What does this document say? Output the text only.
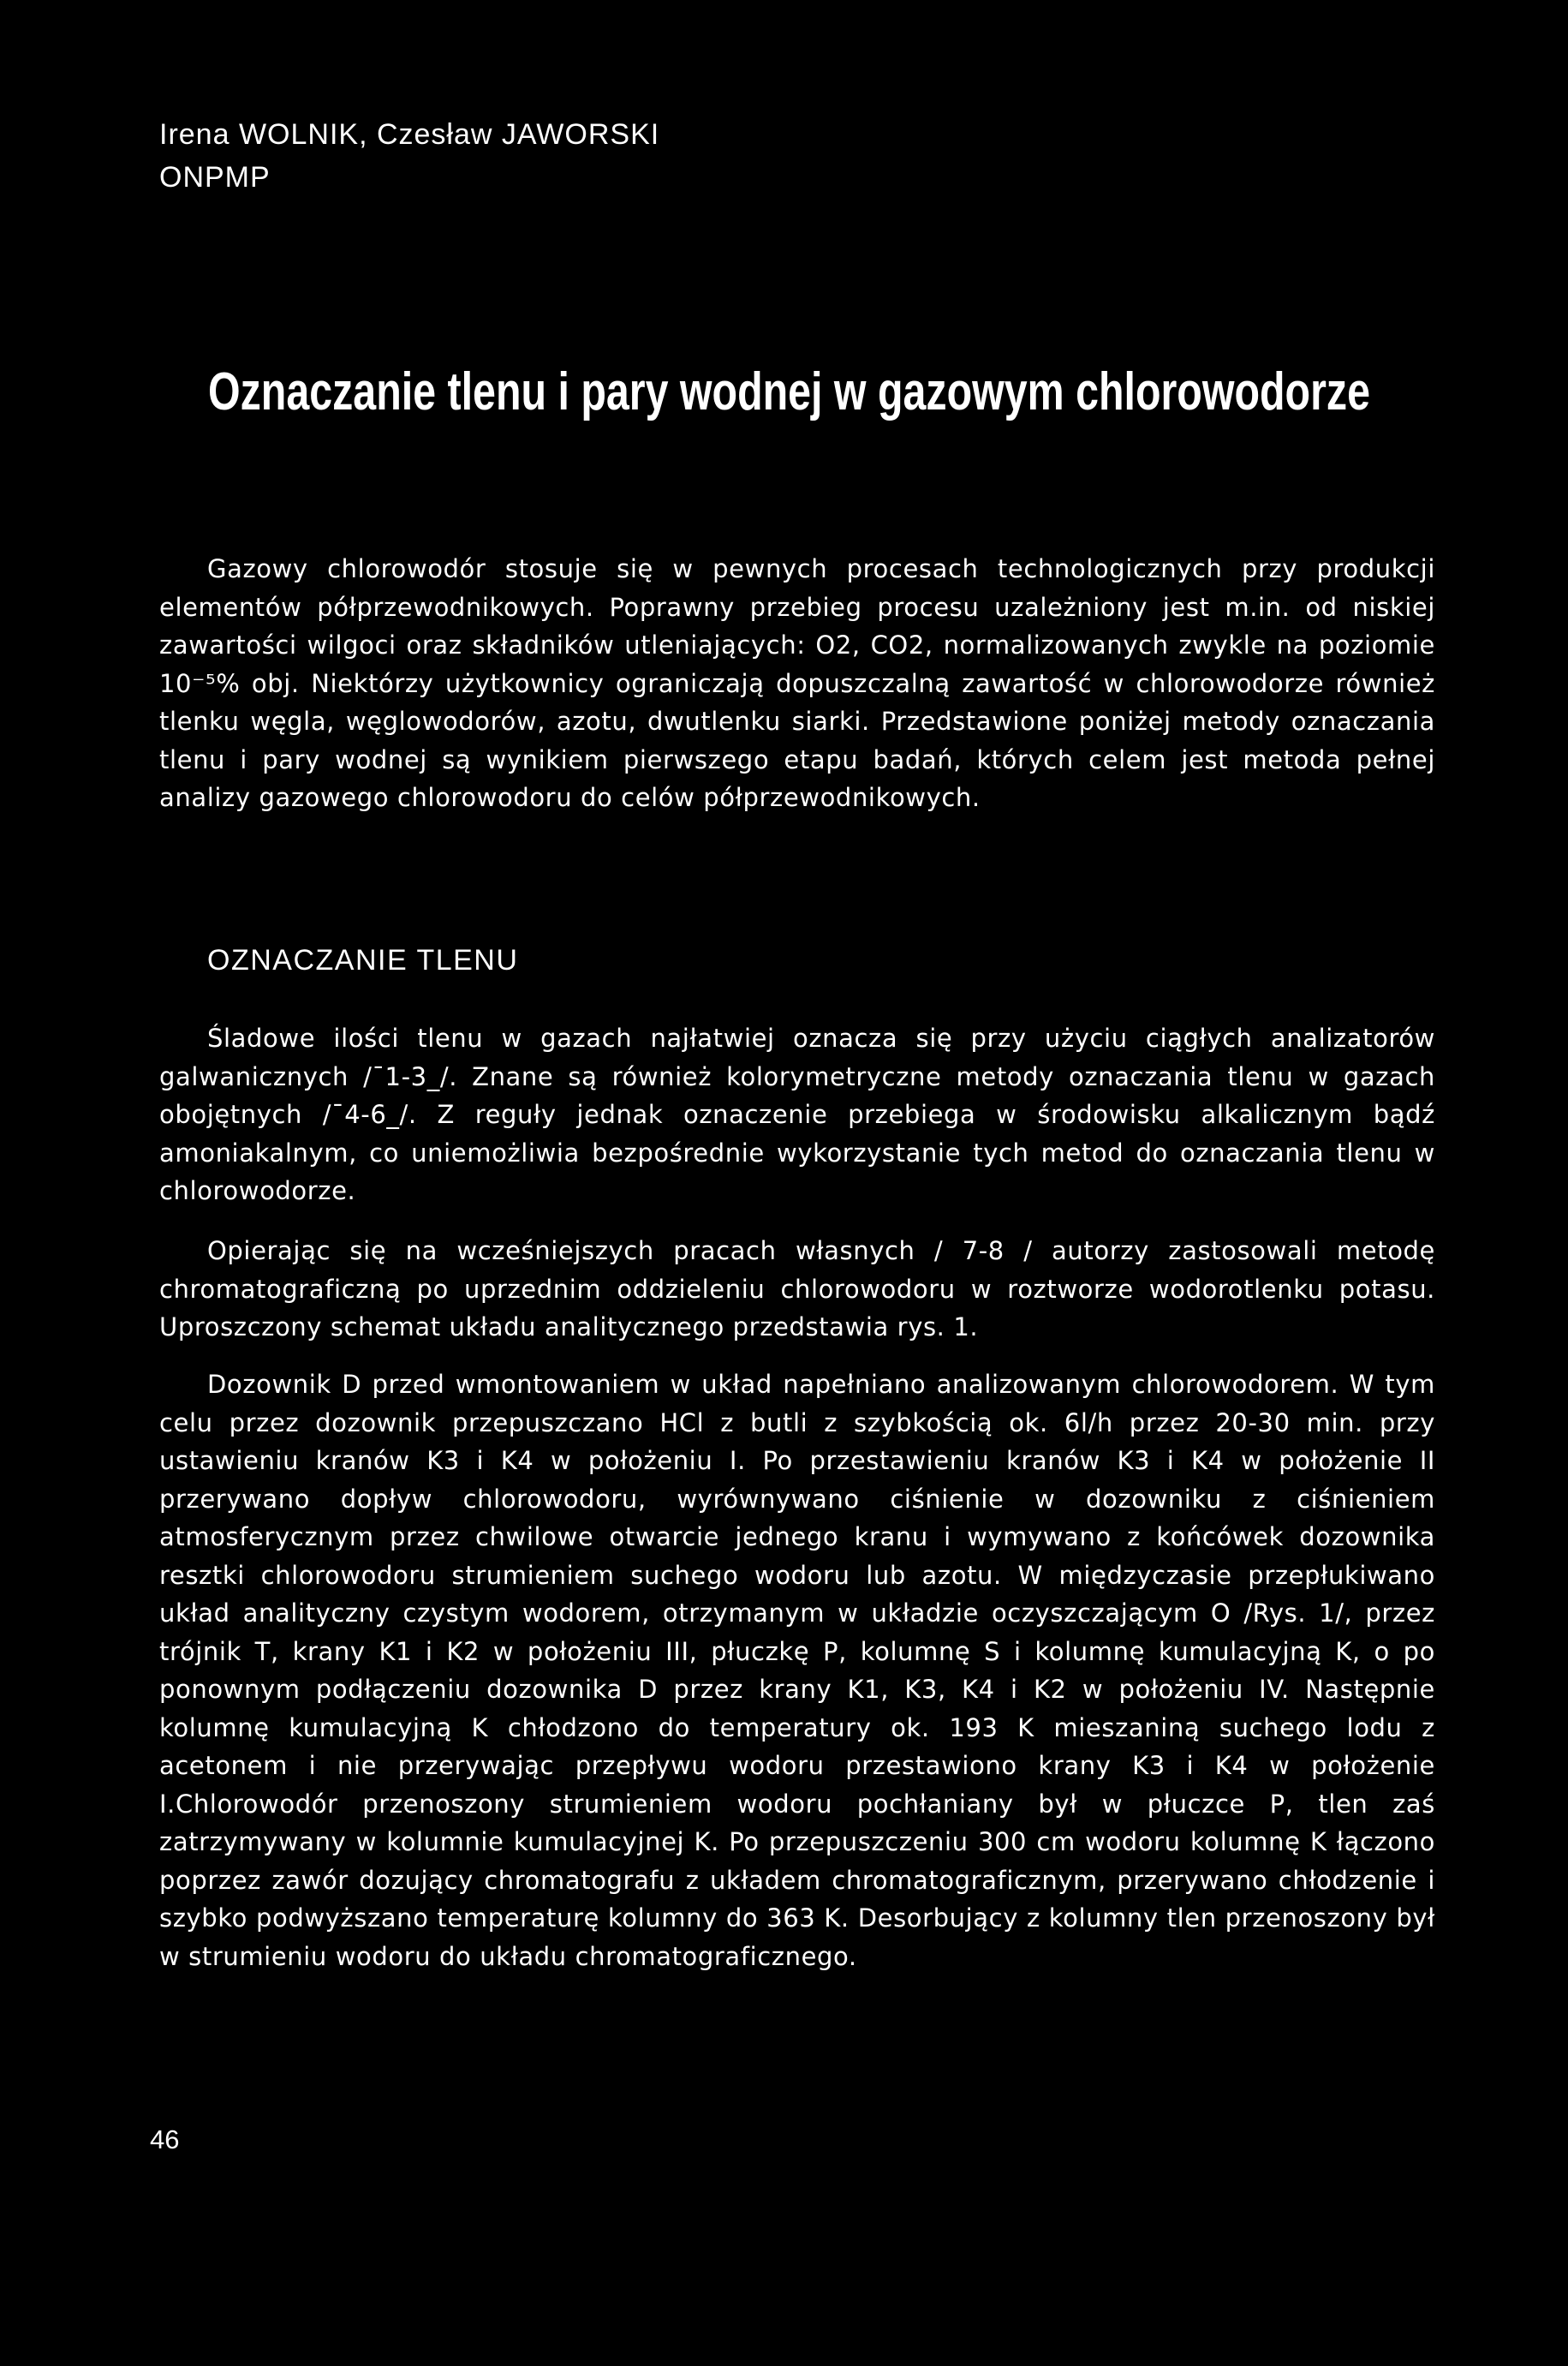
Irena WOLNIK, Czesław JAWORSKI
ONPMP
Oznaczanie tlenu i pary wodnej w gazowym chlorowodorze

Gazowy chlorowodór stosuje się w pewnych procesach technologicznych przy produkcji elementów półprzewodnikowych. Poprawny przebieg procesu uzależniony jest m.in. od niskiej zawartości wilgoci oraz składników utleniających: O2, CO2, normalizowanych zwykle na poziomie 10⁻⁵% obj. Niektórzy użytkownicy ograniczają dopuszczalną zawartość w chlorowodorze również tlenku węgla, węglowodorów, azotu, dwutlenku siarki. Przedstawione poniżej metody oznaczania tlenu i pary wodnej są wynikiem pierwszego etapu badań, których celem jest metoda pełnej analizy gazowego chlorowodoru do celów półprzewodnikowych.

OZNACZANIE TLENU

Śladowe ilości tlenu w gazach najłatwiej oznacza się przy użyciu ciągłych analizatorów galwanicznych /¯1-3_/. Znane są również kolorymetryczne metody oznaczania tlenu w gazach obojętnych /¯4-6_/. Z reguły jednak oznaczenie przebiega w środowisku alkalicznym bądź amoniakalnym, co uniemożliwia bezpośrednie wykorzystanie tych metod do oznaczania tlenu w chlorowodorze.

Opierając się na wcześniejszych pracach własnych / 7-8 / autorzy zastosowali metodę chromatograficzną po uprzednim oddzieleniu chlorowodoru w roztworze wodorotlenku potasu. Uproszczony schemat układu analitycznego przedstawia rys. 1.

Dozownik D przed wmontowaniem w układ napełniano analizowanym chlorowodorem. W tym celu przez dozownik przepuszczano HCl z butli z szybkością ok. 6l/h przez 20-30 min. przy ustawieniu kranów K3 i K4 w położeniu I. Po przestawieniu kranów K3 i K4 w położenie II przerywano dopływ chlorowodoru, wyrównywano ciśnienie w dozowniku z ciśnieniem atmosferycznym przez chwilowe otwarcie jednego kranu i wymywano z końcówek dozownika resztki chlorowodoru strumieniem suchego wodoru lub azotu. W międzyczasie przepłukiwano układ analityczny czystym wodorem, otrzymanym w układzie oczyszczającym O /Rys. 1/, przez trójnik T, krany K1 i K2 w położeniu III, płuczkę P, kolumnę S i kolumnę kumulacyjną K, o po ponownym podłączeniu dozownika D przez krany K1, K3, K4 i K2 w położeniu IV. Następnie kolumnę kumulacyjną K chłodzono do temperatury ok. 193 K mieszaniną suchego lodu z acetonem i nie przerywając przepływu wodoru przestawiono krany K3 i K4 w położenie I.Chlorowodór przenoszony strumieniem wodoru pochłaniany był w płuczce P, tlen zaś zatrzymywany w kolumnie kumulacyjnej K. Po przepuszczeniu 300 cm wodoru kolumnę K łączono poprzez zawór dozujący chromatografu z układem chromatograficznym, przerywano chłodzenie i szybko podwyższano temperaturę kolumny do 363 K. Desorbujący z kolumny tlen przenoszony był w strumieniu wodoru do układu chromatograficznego.

46
